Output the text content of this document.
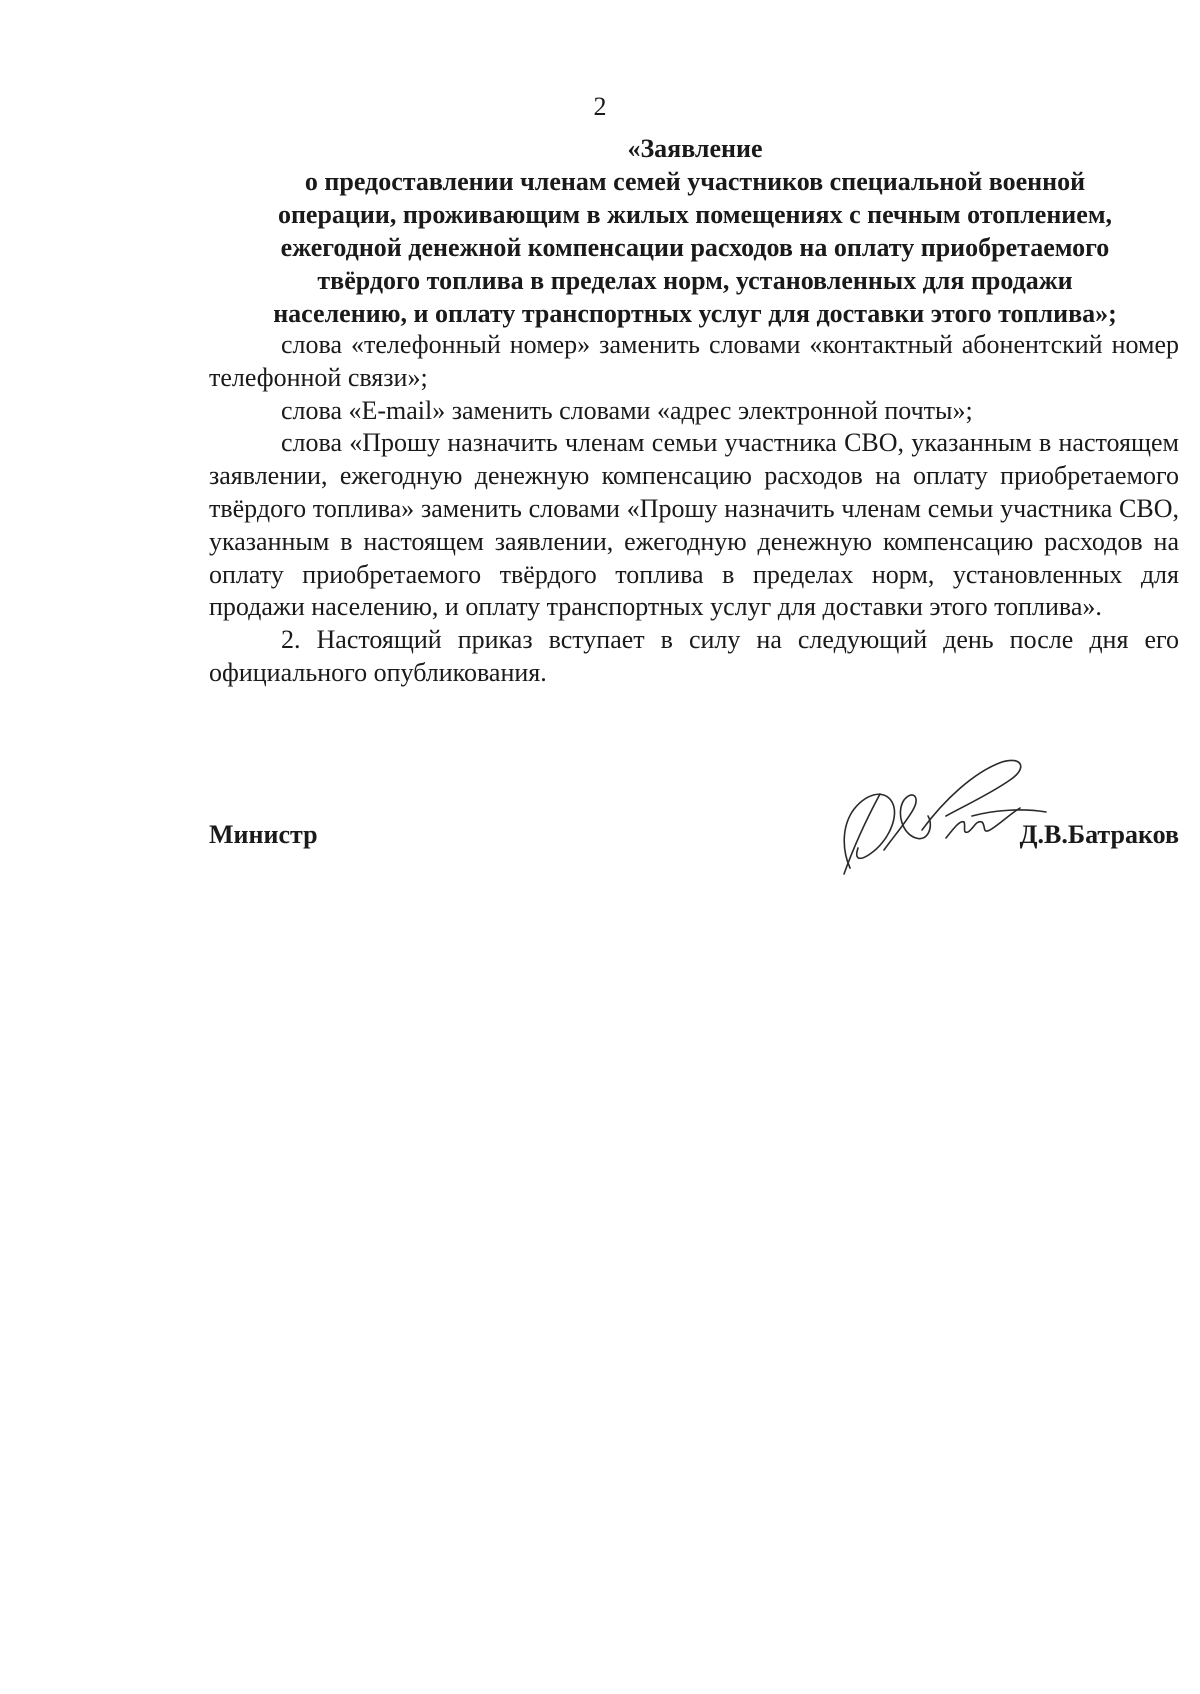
2

«Заявление

о предоставлении членам семей участников специальной военной

операции, проживающим в жилых помещениях с печным отоплением,

ежегодной денежной компенсации расходов на оплату приобретаемого

твёрдого топлива в пределах норм, установленных для продажи

населению, и оплату транспортных услуг для доставки этого топлива»;

слова «телефонный номер» заменить словами «контактный абонентский номер телефонной связи»;

слова «E-mail» заменить словами «адрес электронной почты»;

слова «Прошу назначить членам семьи участника СВО, указанным в настоящем заявлении, ежегодную денежную компенсацию расходов на оплату приобретаемого твёрдого топлива» заменить словами «Прошу назначить членам семьи участника СВО, указанным в настоящем заявлении, ежегодную денежную компенсацию расходов на оплату приобретаемого твёрдого топлива в пределах норм, установленных для продажи населению, и оплату транспортных услуг для доставки этого топлива».

2. Настоящий приказ вступает в силу на следующий день после дня его официального опубликования.

Министр	Д.В.Батраков
